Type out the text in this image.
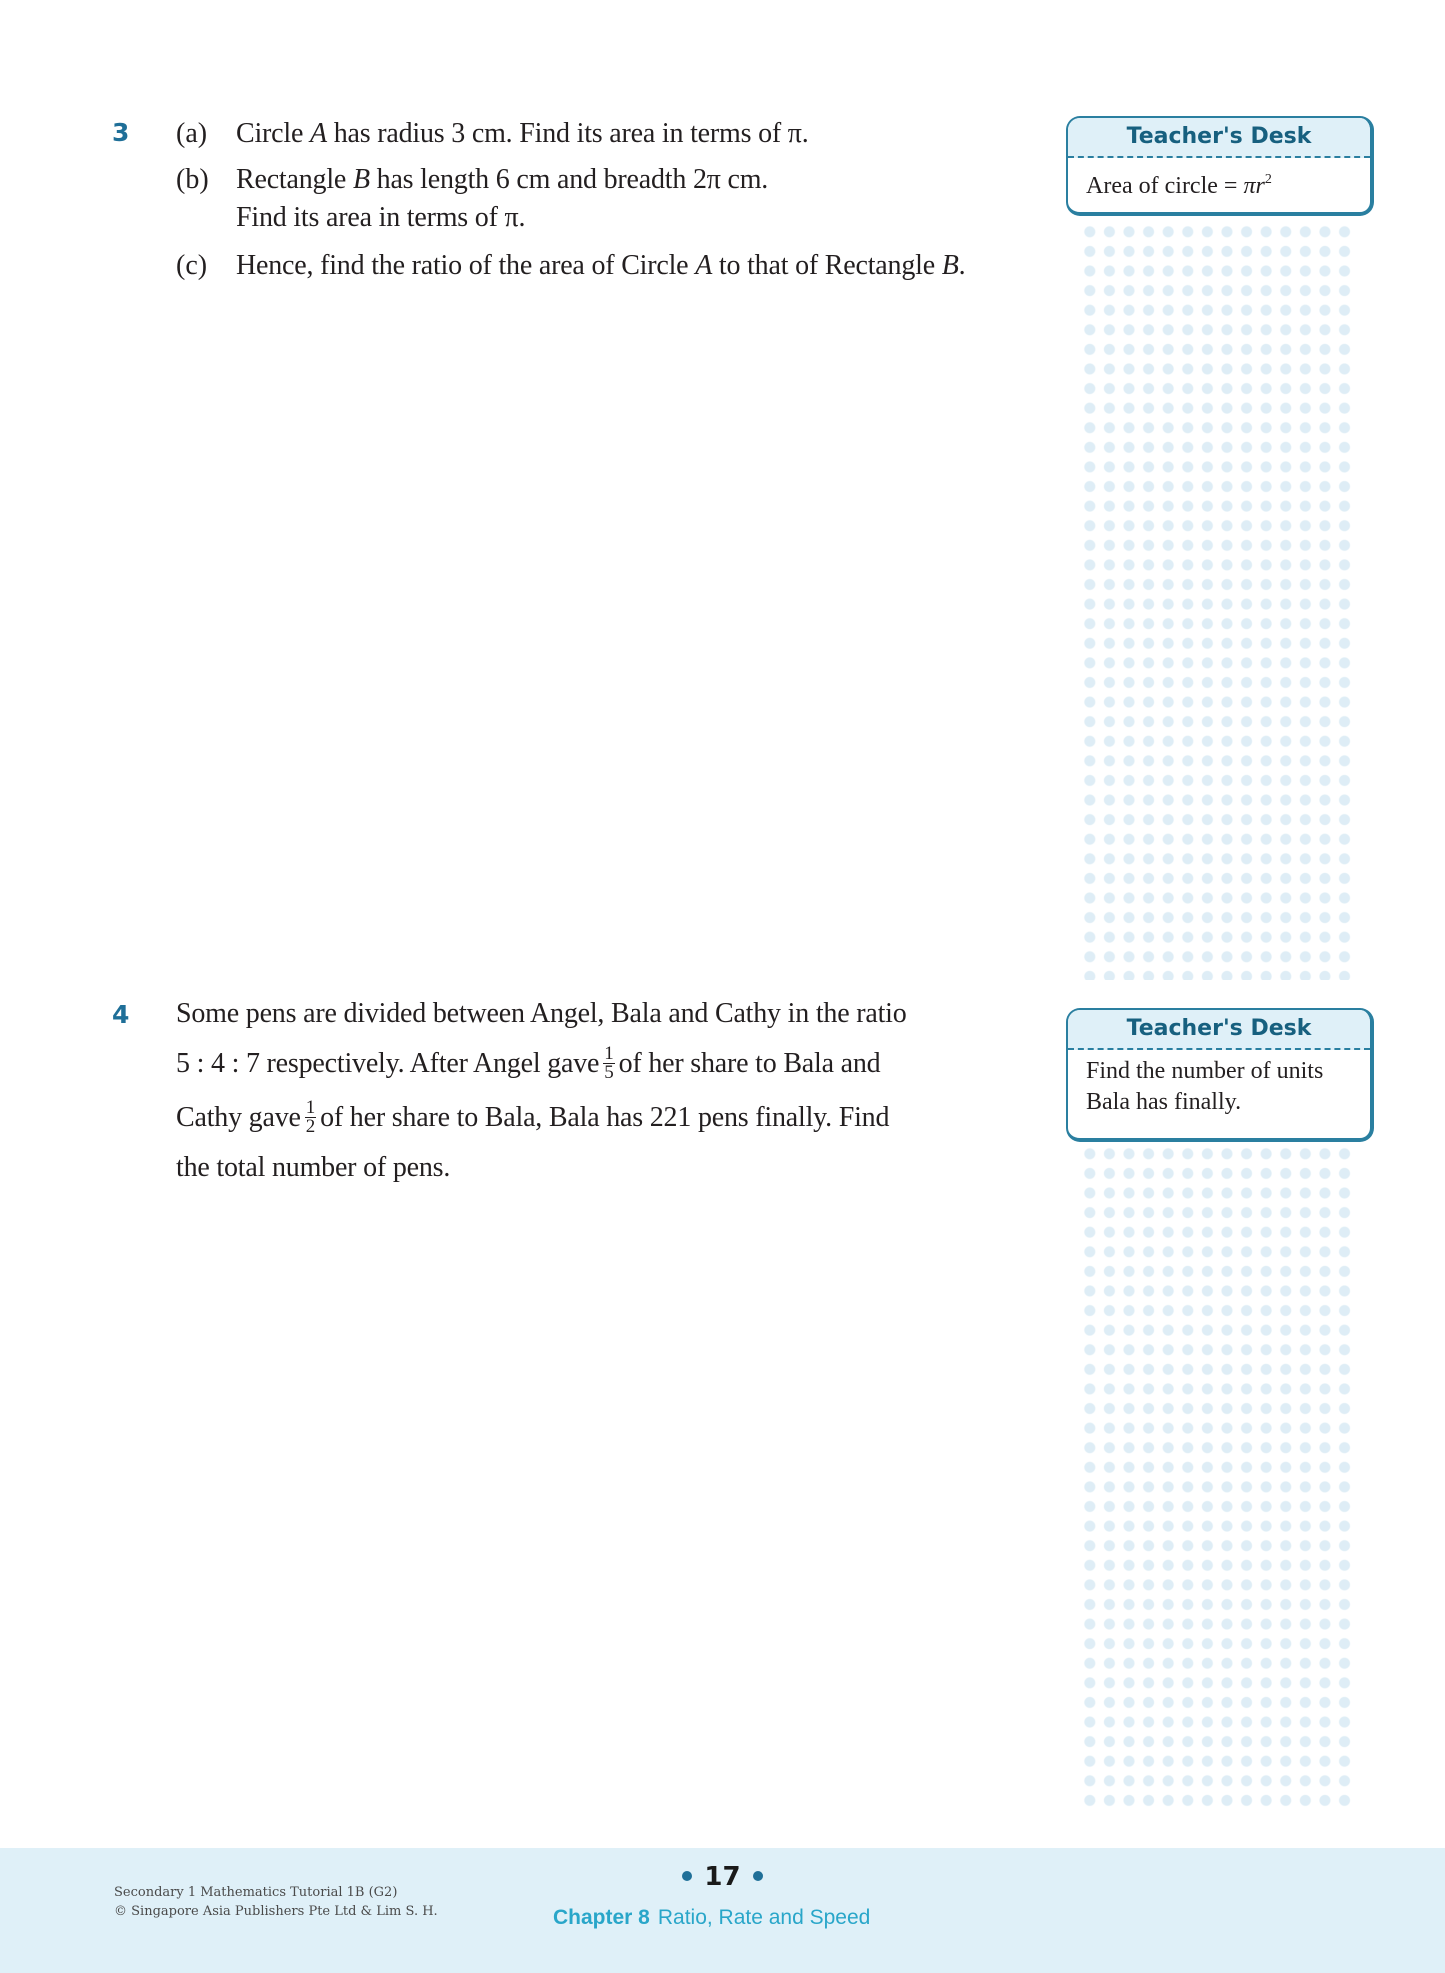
3 (a) Circle A has radius 3 cm. Find its area in terms of π.
(b) Rectangle B has length 6 cm and breadth 2π cm.
Find its area in terms of π.
(c) Hence, find the ratio of the area of Circle A to that of Rectangle B.
Teacher's Desk
Area of circle = $\pi r^2$
4 Some pens are divided between Angel, Bala and Cathy in the ratio
5 : 4 : 7 respectively. After Angel gave $\frac{1}{5}$ of her share to Bala and
Cathy gave $\frac{1}{2}$ of her share to Bala, Bala has 221 pens finally. Find
the total number of pens.
Teacher's Desk
Find the number of units
Bala has finally.
Secondary 1 Mathematics Tutorial 1B (G2)
© Singapore Asia Publishers Pte Ltd & Lim S. H.
17
Chapter 8 Ratio, Rate and Speed
